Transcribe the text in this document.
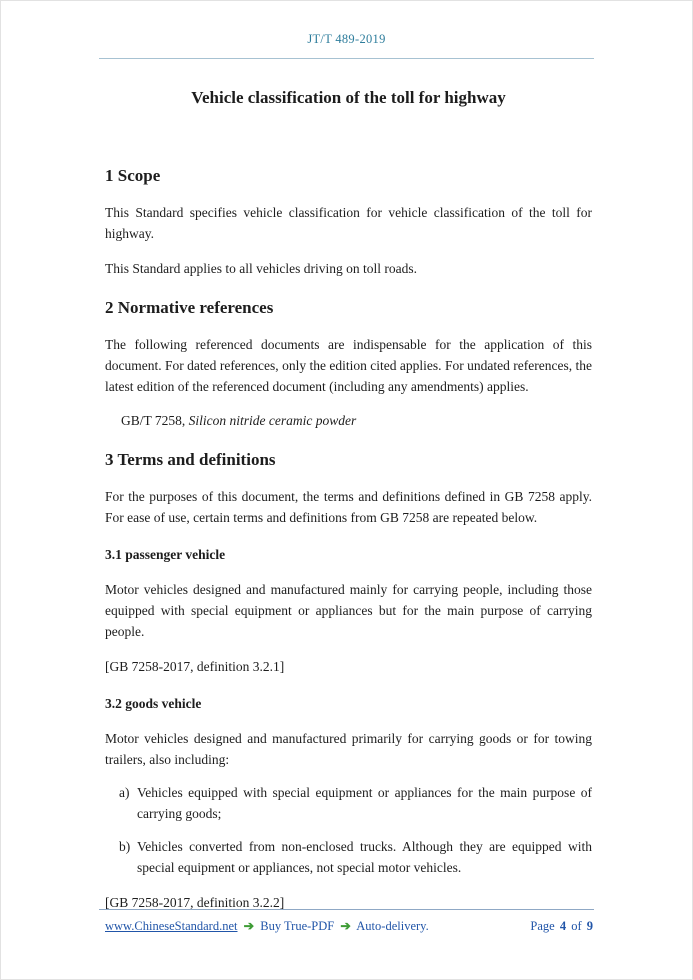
JT/T 489-2019
Vehicle classification of the toll for highway
1 Scope

This Standard specifies vehicle classification for vehicle classification of the toll for highway.

This Standard applies to all vehicles driving on toll roads.

2 Normative references

The following referenced documents are indispensable for the application of this document. For dated references, only the edition cited applies. For undated references, the latest edition of the referenced document (including any amendments) applies.

GB/T 7258, Silicon nitride ceramic powder
3 Terms and definitions

For the purposes of this document, the terms and definitions defined in GB 7258 apply. For ease of use, certain terms and definitions from GB 7258 are repeated below.

3.1 passenger vehicle

Motor vehicles designed and manufactured mainly for carrying people, including those equipped with special equipment or appliances but for the main purpose of carrying people.

[GB 7258-2017, definition 3.2.1]

3.2 goods vehicle

Motor vehicles designed and manufactured primarily for carrying goods or for towing trailers, also including:

a) Vehicles equipped with special equipment or appliances for the main purpose of carrying goods;
b) Vehicles converted from non-enclosed trucks. Although they are equipped with special equipment or appliances, not special motor vehicles.

[GB 7258-2017, definition 3.2.2]

www.ChineseStandard.net ➔ Buy True-PDF ➔ Auto-delivery.	Page 4 of 9
